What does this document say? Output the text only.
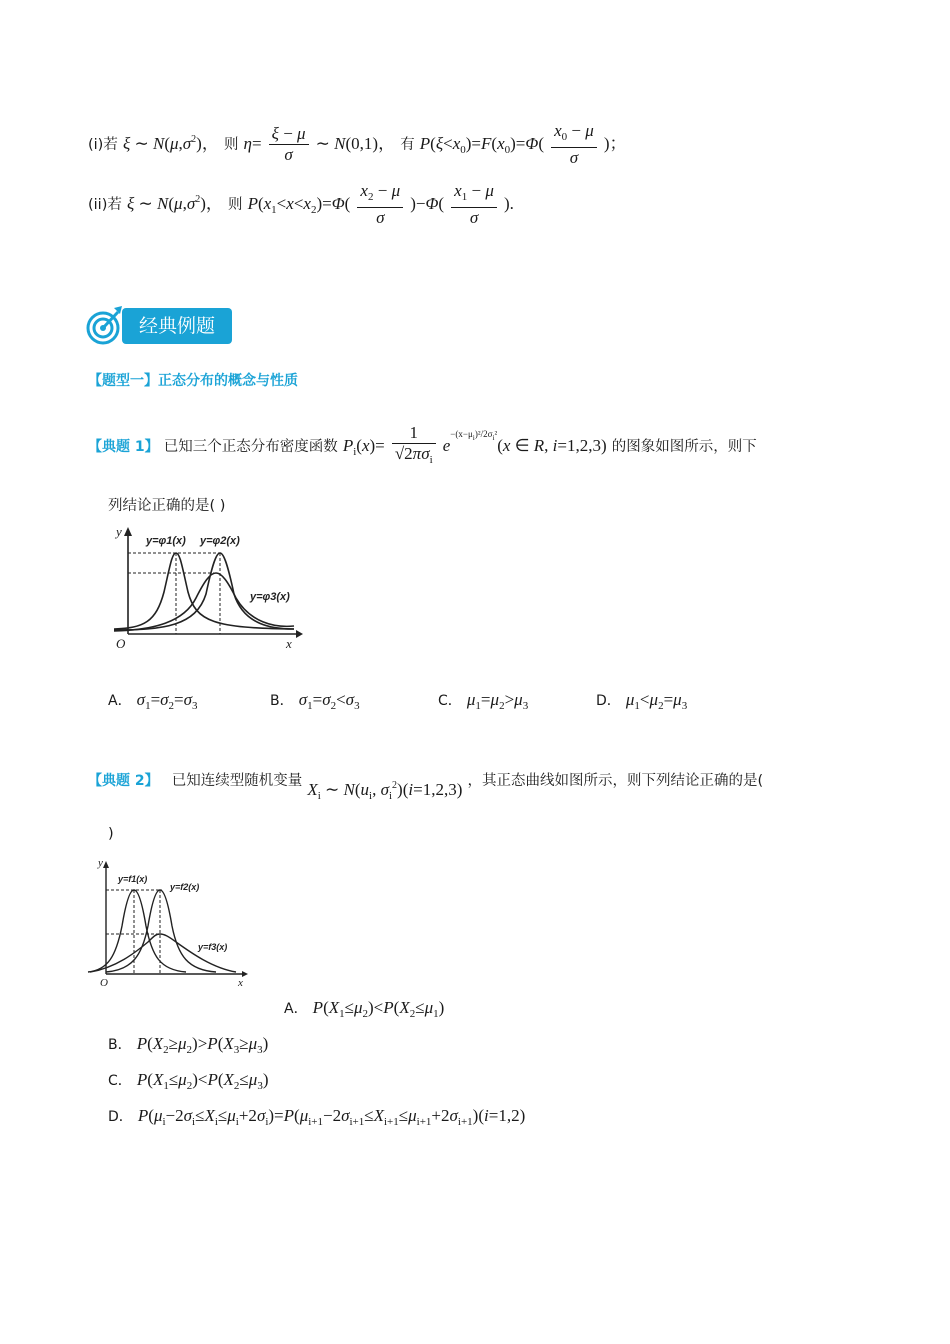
(i)若 ξ ∼ $N(\mu,\sigma^2)$， 则 $\eta= \frac{\xi - \mu}{\sigma}$ ∼ N(0,1)， 有 $P(\xi<x_0)=F(x_0)=\Phi( \frac{x_0 - \mu}{\sigma}$ )；
(ii)若 ξ ∼ $N(\mu,\sigma^2)$， 则 $P(x_1<x<x_2)=\Phi( \frac{x_2 - \mu}{\sigma} )-\Phi( \frac{x_1 - \mu}{\sigma}$ ).
经典例题
【题型一】正态分布的概念与性质
【典题 1】 已知三个正态分布密度函数 $P_i(x)= \frac{1}{√2\pi\sigma_i} e^{-(x-\mu_i)^2/2\sigma_i^2}(x$ ∈ R, i=1,2,3) 的图象如图所示，则下
列结论正确的是( )
y=φ1(x) y=φ2(x)
y=φ3(x)
O	x
y
A． $\sigma_1=\sigma_2=\sigma_3$	B． $\sigma_1=\sigma_2<\sigma_3$	C． $\mu_1=\mu_2>\mu_3$	D． $\mu_1<\mu_2=\mu_3$
【典题 2】 已知连续型随机变量 $X_i$ ∼ $N(u_i$, $\sigma_i^2)(i=1,2,3)$ ，其正态曲线如图所示，则下列结论正确的是(
)
y=f1(x)
y=f2(x)
y=f3(x)
O	x
y
A． $P(X_1\le\mu_2)<P(X_2\le\mu_1)$
B． $P(X_2\ge\mu_2)>P(X_3\ge\mu_3)$
C． $P(X_1\le\mu_2)<P(X_2\le\mu_3)$
D． $P(\mu_i-2\sigma_i\le X_i\le\mu_i+2\sigma_i)=P(\mu_{i+1}-2\sigma_{i+1}\le X_{i+1}\le\mu_{i+1}+2\sigma_{i+1})(i=1,2)$
